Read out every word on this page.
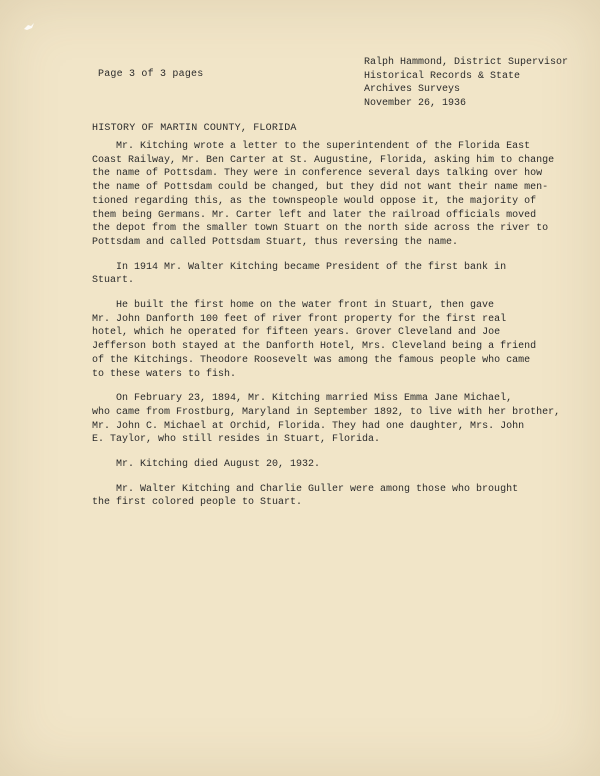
Page 3 of 3 pages
Ralph Hammond, District Supervisor
Historical Records & State
Archives Surveys
November 26, 1936
HISTORY OF MARTIN COUNTY, FLORIDA
Mr. Kitching wrote a letter to the superintendent of the Florida East
Coast Railway, Mr. Ben Carter at St. Augustine, Florida, asking him to change
the name of Pottsdam. They were in conference several days talking over how
the name of Pottsdam could be changed, but they did not want their name men-
tioned regarding this, as the townspeople would oppose it, the majority of
them being Germans. Mr. Carter left and later the railroad officials moved
the depot from the smaller town Stuart on the north side across the river to
Pottsdam and called Pottsdam Stuart, thus reversing the name.
In 1914 Mr. Walter Kitching became President of the first bank in
Stuart.
He built the first home on the water front in Stuart, then gave
Mr. John Danforth 100 feet of river front property for the first real
hotel, which he operated for fifteen years. Grover Cleveland and Joe
Jefferson both stayed at the Danforth Hotel, Mrs. Cleveland being a friend
of the Kitchings. Theodore Roosevelt was among the famous people who came
to these waters to fish.
On February 23, 1894, Mr. Kitching married Miss Emma Jane Michael,
who came from Frostburg, Maryland in September 1892, to live with her brother,
Mr. John C. Michael at Orchid, Florida. They had one daughter, Mrs. John
E. Taylor, who still resides in Stuart, Florida.
Mr. Kitching died August 20, 1932.
Mr. Walter Kitching and Charlie Guller were among those who brought
the first colored people to Stuart.
